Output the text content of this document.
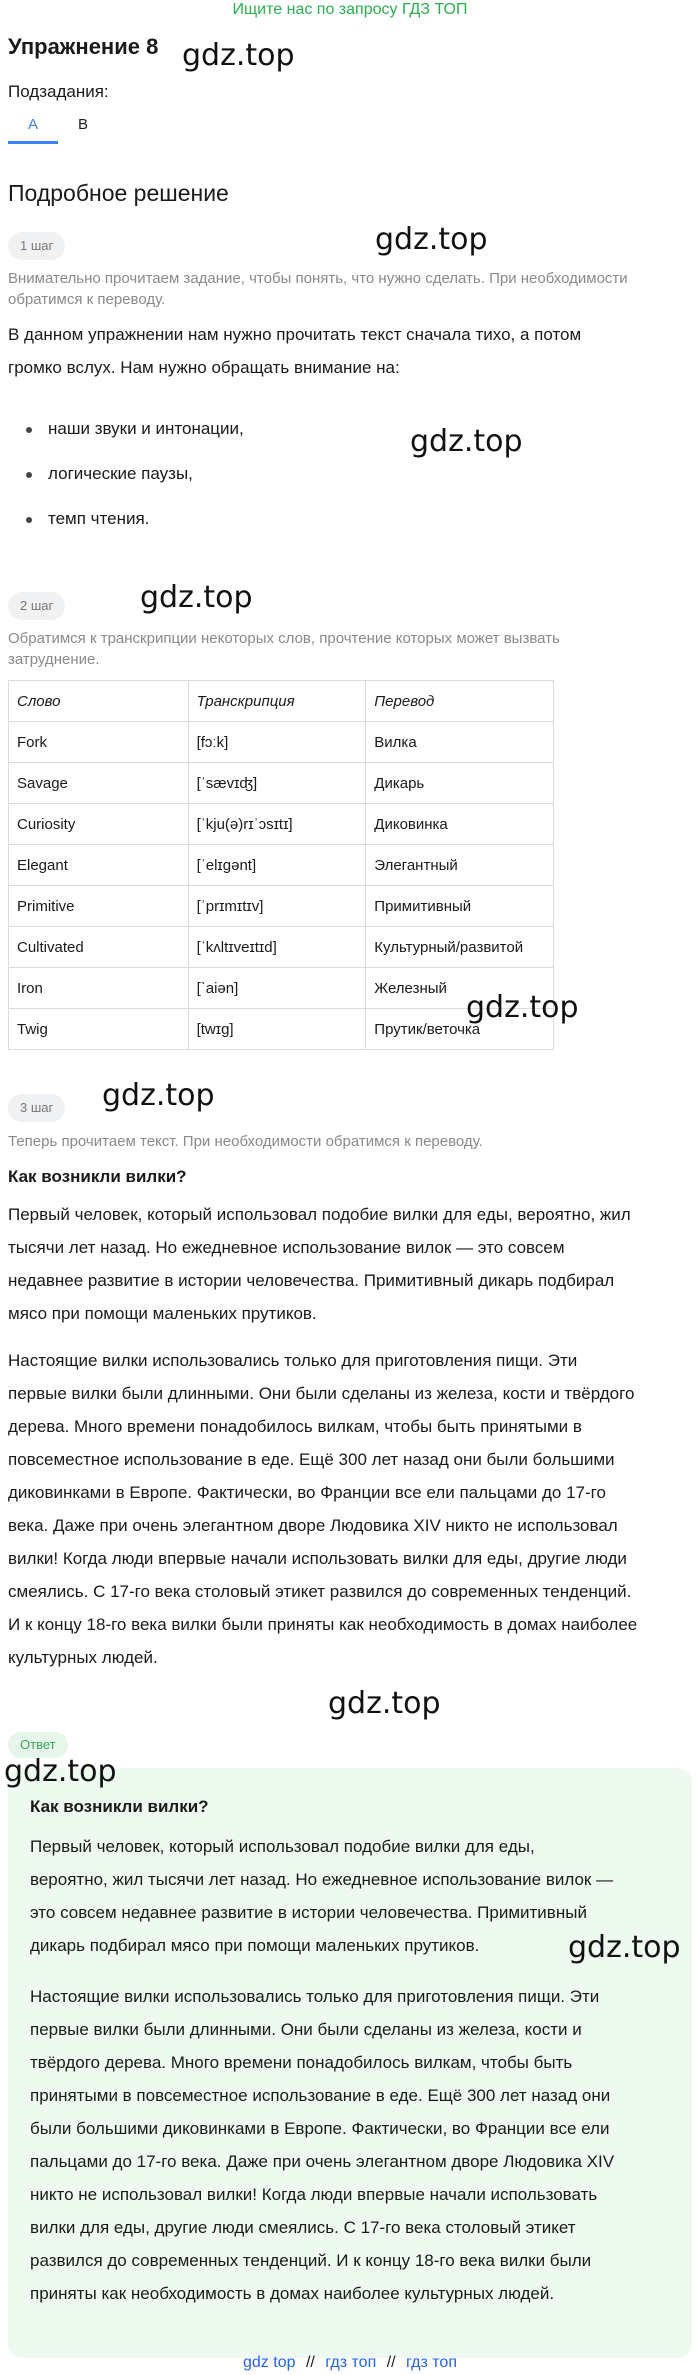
Ищите нас по запросу ГДЗ ТОП
Упражнение 8 gdz.top
Подзадания:
A	B
Подробное решение
1 шаг	gdz.top
Внимательно прочитаем задание, чтобы понять, что нужно сделать. При необходимости
обратимся к переводу.
В данном упражнении нам нужно прочитать текст сначала тихо, а потом
громко вслух. Нам нужно обращать внимание на:
наши звуки и интонации,
логические паузы,
темп чтения.
gdz.top
2 шаг	gdz.top
Обратимся к транскрипции некоторых слов, прочтение которых может вызвать
затруднение.
Слово	Транскрипция	Перевод
Fork	[fɔːk]	Вилка
Savage	[ˈsævɪʤ]	Дикарь
Curiosity	[ˈkju(ə)rɪˈɔsɪtɪ]	Диковинка
Elegant	[ˈelɪgənt]	Элегантный
Primitive	[ˈprɪmɪtɪv]	Примитивный
Cultivated	[ˈkʌltɪveɪtɪd]	Культурный/развитой
Iron	[ˋaiən]	Железный
Twig	[twɪg]	Прутик/веточка
gdz.top
3 шаг	gdz.top
Теперь прочитаем текст. При необходимости обратимся к переводу.
Как возникли вилки?
Первый человек, который использовал подобие вилки для еды, вероятно, жил
тысячи лет назад. Но ежедневное использование вилок — это совсем
недавнее развитие в истории человечества. Примитивный дикарь подбирал
мясо при помощи маленьких прутиков.
Настоящие вилки использовались только для приготовления пищи. Эти
первые вилки были длинными. Они были сделаны из железа, кости и твёрдого
дерева. Много времени понадобилось вилкам, чтобы быть принятыми в
повсеместное использование в еде. Ещё 300 лет назад они были большими
диковинками в Европе. Фактически, во Франции все ели пальцами до 17-го
века. Даже при очень элегантном дворе Людовика XIV никто не использовал
вилки! Когда люди впервые начали использовать вилки для еды, другие люди
смеялись. С 17-го века столовый этикет развился до современных тенденций.
И к концу 18-го века вилки были приняты как необходимость в домах наиболее
культурных людей.
gdz.top
Ответ
gdz.top
Как возникли вилки?
Первый человек, который использовал подобие вилки для еды,
вероятно, жил тысячи лет назад. Но ежедневное использование вилок —
это совсем недавнее развитие в истории человечества. Примитивный
дикарь подбирал мясо при помощи маленьких прутиков.	gdz.top
Настоящие вилки использовались только для приготовления пищи. Эти
первые вилки были длинными. Они были сделаны из железа, кости и
твёрдого дерева. Много времени понадобилось вилкам, чтобы быть
принятыми в повсеместное использование в еде. Ещё 300 лет назад они
были большими диковинками в Европе. Фактически, во Франции все ели
пальцами до 17-го века. Даже при очень элегантном дворе Людовика XIV
никто не использовал вилки! Когда люди впервые начали использовать
вилки для еды, другие люди смеялись. С 17-го века столовый этикет
развился до современных тенденций. И к концу 18-го века вилки были
приняты как необходимость в домах наиболее культурных людей.
gdz top // гдз топ // гдз топ
